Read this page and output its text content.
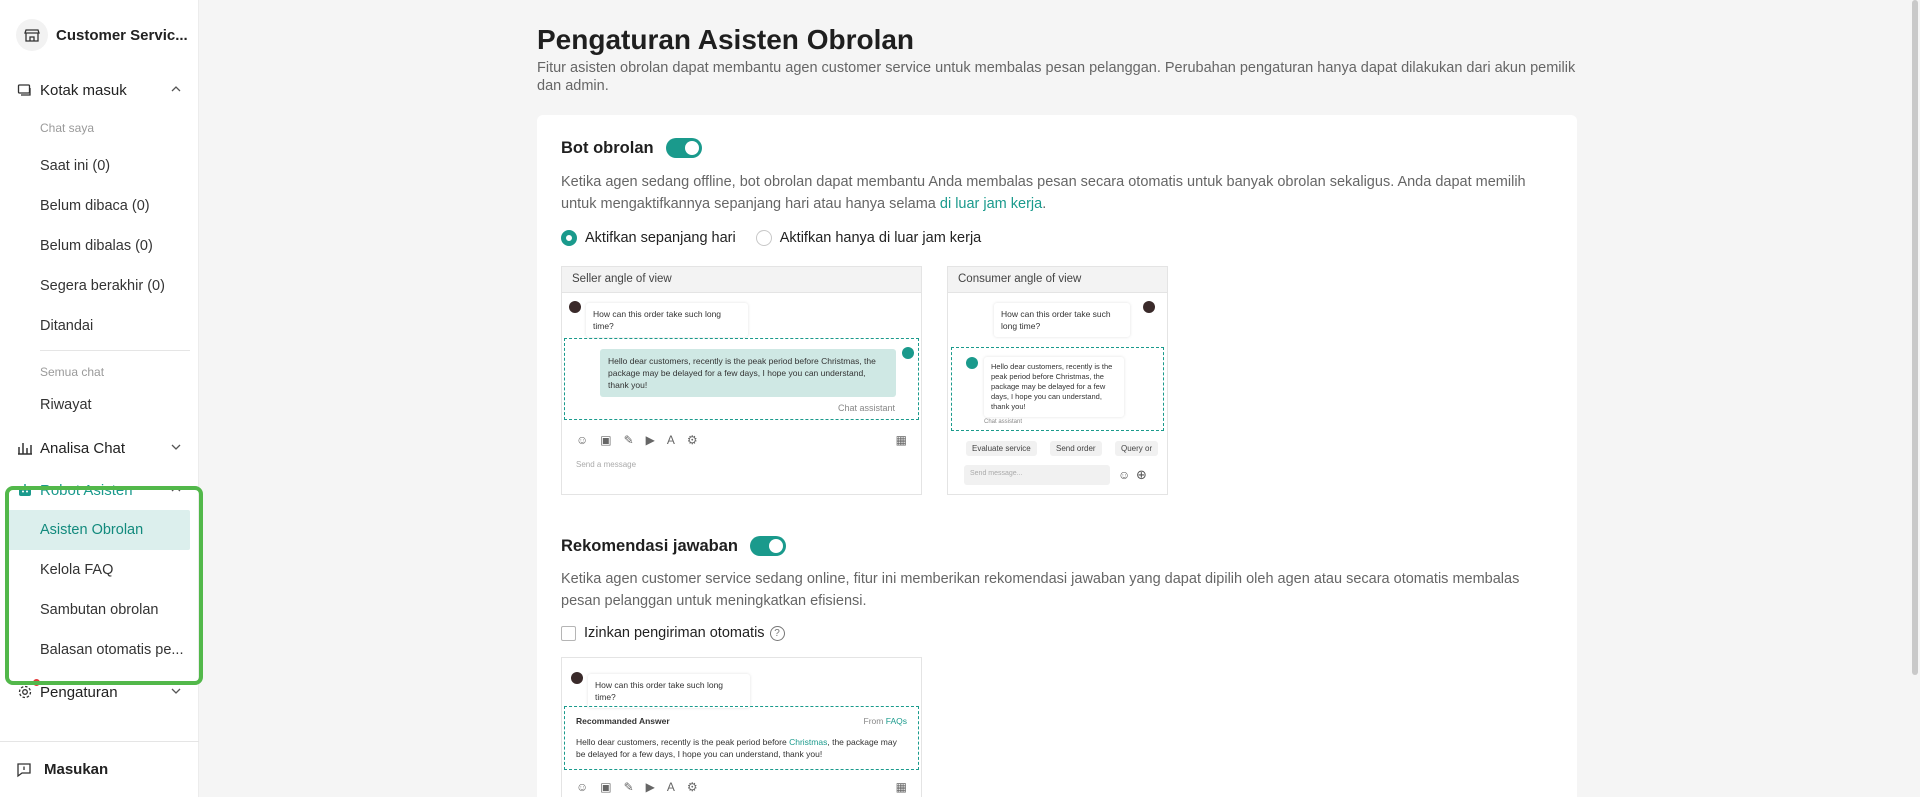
Customer Servic...
Kotak masuk
Chat saya
Saat ini (0)
Belum dibaca (0)
Belum dibalas (0)
Segera berakhir (0)
Ditandai
Semua chat
Riwayat
Analisa Chat
Robot Asisten
Asisten Obrolan
Kelola FAQ
Sambutan obrolan
Balasan otomatis pe...
Pengaturan
Masukan
Pengaturan Asisten Obrolan

Fitur asisten obrolan dapat membantu agen customer service untuk membalas pesan pelanggan. Perubahan pengaturan hanya dapat dilakukan dari akun pemilik dan admin.

Bot obrolan

Ketika agen sedang offline, bot obrolan dapat membantu Anda membalas pesan secara otomatis untuk banyak obrolan sekaligus. Anda dapat memilih untuk mengaktifkannya sepanjang hari atau hanya selama di luar jam kerja.

Aktifkan sepanjang hari	Aktifkan hanya di luar jam kerja
Seller angle of view
How can this order take such long time?
Hello dear customers, recently is the peak period before Christmas, the package may be delayed for a few days, I hope you can understand, thank you!
Chat assistant
☺ ▣ ✎ ▶ A ⚙	▦
Send a message
Consumer angle of view
How can this order take such long time?
Hello dear customers, recently is the peak period before Christmas, the package may be delayed for a few days, I hope you can understand, thank you!
Chat assistant
Evaluate service	Send order	Query or
Send message...	☺ ⊕
Rekomendasi jawaban

Ketika agen customer service sedang online, fitur ini memberikan rekomendasi jawaban yang dapat dipilih oleh agen atau secara otomatis membalas pesan pelanggan untuk meningkatkan efisiensi.

Izinkan pengiriman otomatis ?
How can this order take such long time?
Recommanded Answer	From FAQs

Hello dear customers, recently is the peak period before Christmas, the package may be delayed for a few days, I hope you can understand, thank you!

☺ ▣ ✎ ▶ A ⚙	▦
